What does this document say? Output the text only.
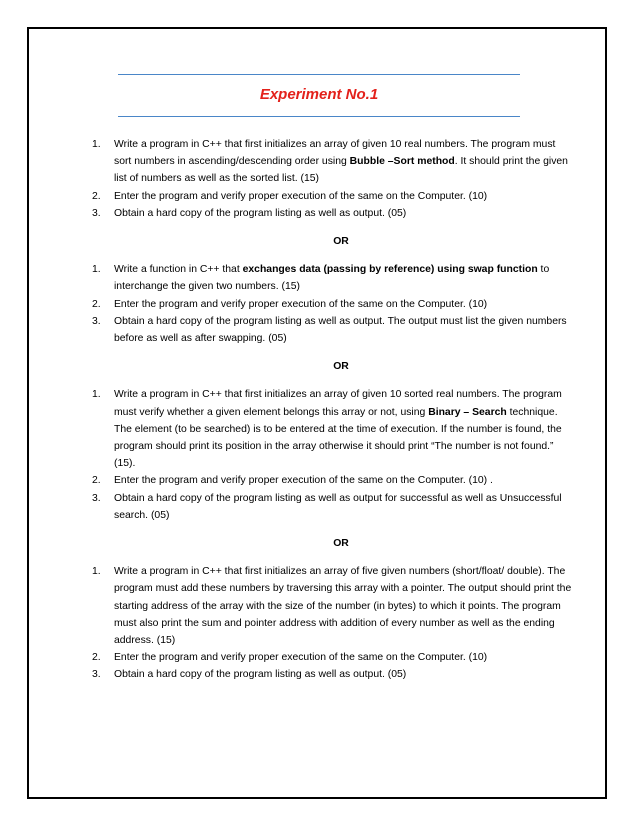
Experiment No.1
1. Write a program in C++ that first initializes an array of given 10 real numbers. The program must sort numbers in ascending/descending order using Bubble –Sort method. It should print the given list of numbers as well as the sorted list. (15)
2. Enter the program and verify proper execution of the same on the Computer. (10)
3. Obtain a hard copy of the program listing as well as output. (05)
OR
1. Write a function in C++ that exchanges data (passing by reference) using swap function to interchange the given two numbers. (15)
2. Enter the program and verify proper execution of the same on the Computer. (10)
3. Obtain a hard copy of the program listing as well as output. The output must list the given numbers before as well as after swapping. (05)
OR
1. Write a program in C++ that first initializes an array of given 10 sorted real numbers. The program must verify whether a given element belongs this array or not, using Binary – Search technique. The element (to be searched) is to be entered at the time of execution. If the number is found, the program should print its position in the array otherwise it should print “The number is not found.” (15).
2. Enter the program and verify proper execution of the same on the Computer. (10) .
3. Obtain a hard copy of the program listing as well as output for successful as well as Unsuccessful search. (05)
OR
1. Write a program in C++ that first initializes an array of five given numbers (short/float/ double). The program must add these numbers by traversing this array with a pointer. The output should print the starting address of the array with the size of the number (in bytes) to which it points. The program must also print the sum and pointer address with addition of every number as well as the ending address. (15)
2. Enter the program and verify proper execution of the same on the Computer. (10)
3. Obtain a hard copy of the program listing as well as output. (05)
